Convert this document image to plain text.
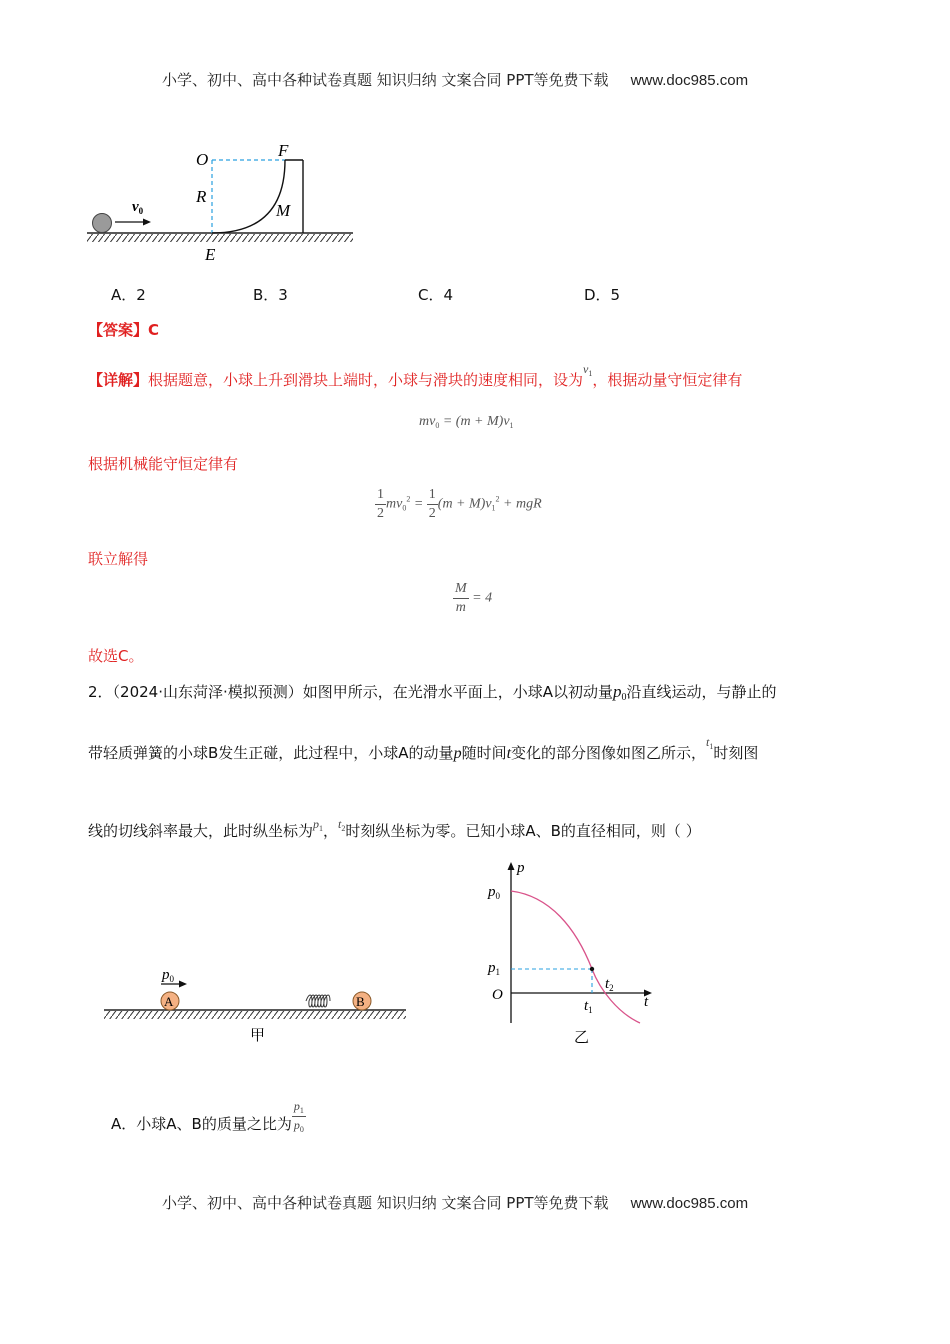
小学、初中、高中各种试卷真题 知识归纳 文案合同 PPT等免费下载 www.doc985.com
$v_0$
O	F
R
M
E
A．2	B．3	C．4	D．5
【答案】C
【详解】根据题意，小球上升到滑块上端时，小球与滑块的速度相同，设为$^{v_1}$，根据动量守恒定律有
$mv_0 = (m + M)v_1$
根据机械能守恒定律有
$\frac{1}{2} mv_0^2 = \frac{1}{2} (m + M)v_1^2$ + mgR
联立解得
$\frac{M}{m} = 4$
故选C。
2．（2024·山东菏泽·模拟预测）如图甲所示，在光滑水平面上，小球A以初动量$p_0$沿直线运动，与静止的
带轻质弹簧的小球B发生正碰，此过程中，小球A的动量p随时间t变化的部分图像如图乙所示，$^{t_1}$时刻图
线的切线斜率最大，此时纵坐标为$^{p_1}$，$^{t_2}$时刻纵坐标为零。已知小球A、B的直径相同，则（ ）
$p_0$
A	B
甲
p
$p_0$
$p_1$
O
$t_1$
$t_2$
t
乙
A．小球A、B的质量之比为 $\frac{p_1}{p_0}$
小学、初中、高中各种试卷真题 知识归纳 文案合同 PPT等免费下载 www.doc985.com
